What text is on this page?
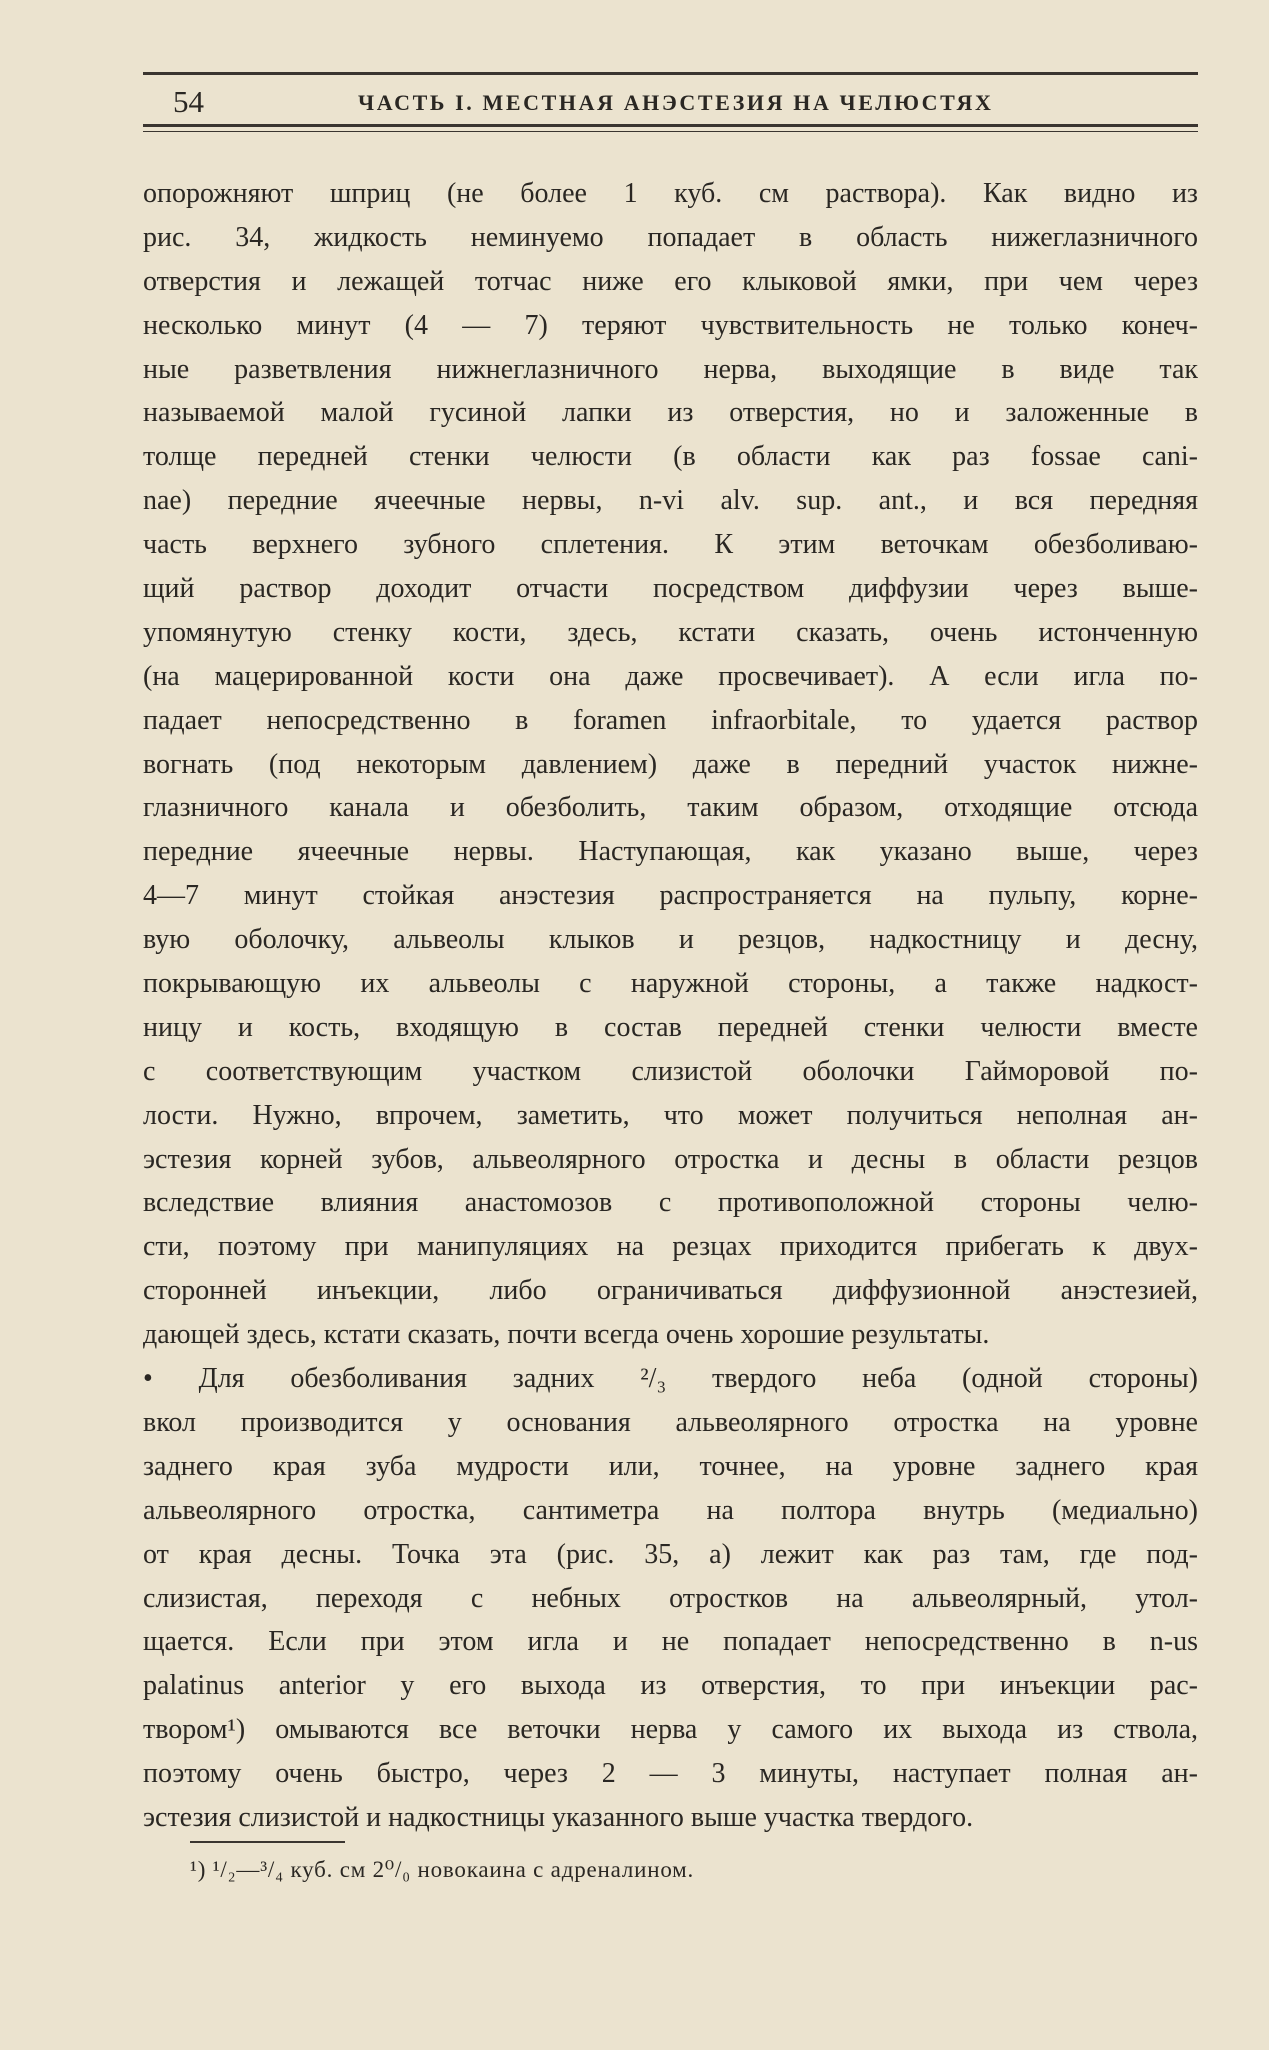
54	ЧАСТЬ I. МЕСТНАЯ АНЭСТЕЗИЯ НА ЧЕЛЮСТЯХ
опорожняют шприц (не более 1 куб. см раствора). Как видно из
рис. 34, жидкость неминуемо попадает в область нижеглазничного
отверстия и лежащей тотчас ниже его клыковой ямки, при чем через
несколько минут (4 — 7) теряют чувствительность не только конеч-
ные разветвления нижнеглазничного нерва, выходящие в виде так
называемой малой гусиной лапки из отверстия, но и заложенные в
толще передней стенки челюсти (в области как раз fossae cani-
nae) передние ячеечные нервы, n-vi alv. sup. ant., и вся передняя
часть верхнего зубного сплетения. К этим веточкам обезболиваю-
щий раствор доходит отчасти посредством диффузии через выше-
упомянутую стенку кости, здесь, кстати сказать, очень истонченную
(на мацерированной кости она даже просвечивает). А если игла по-
падает непосредственно в foramen infraorbitale, то удается раствор
вогнать (под некоторым давлением) даже в передний участок нижне-
глазничного канала и обезболить, таким образом, отходящие отсюда
передние ячеечные нервы. Наступающая, как указано выше, через
4—7 минут стойкая анэстезия распространяется на пульпу, корне-
вую оболочку, альвеолы клыков и резцов, надкостницу и десну,
покрывающую их альвеолы с наружной стороны, а также надкост-
ницу и кость, входящую в состав передней стенки челюсти вместе
с соответствующим участком слизистой оболочки Гайморовой по-
лости. Нужно, впрочем, заметить, что может получиться неполная ан-
эстезия корней зубов, альвеолярного отростка и десны в области резцов
вследствие влияния анастомозов с противоположной стороны челю-
сти, поэтому при манипуляциях на резцах приходится прибегать к двух-
сторонней инъекции, либо ограничиваться диффузионной анэстезией,
дающей здесь, кстати сказать, почти всегда очень хорошие результаты.
• Для обезболивания задних ²/₃ твердого неба (одной стороны)
вкол производится у основания альвеолярного отростка на уровне
заднего края зуба мудрости или, точнее, на уровне заднего края
альвеолярного отростка, сантиметра на полтора внутрь (медиально)
от края десны. Точка эта (рис. 35, a) лежит как раз там, где под-
слизистая, переходя с небных отростков на альвеолярный, утол-
щается. Если при этом игла и не попадает непосредственно в n-us
palatinus anterior у его выхода из отверстия, то при инъекции рас-
твором¹) омываются все веточки нерва у самого их выхода из ствола,
поэтому очень быстро, через 2 — 3 минуты, наступает полная ан-
эстезия слизистой и надкостницы указанного выше участка твердого.
¹) ¹/₂—³/₄ куб. см 2⁰/₀ новокаина с адреналином.
